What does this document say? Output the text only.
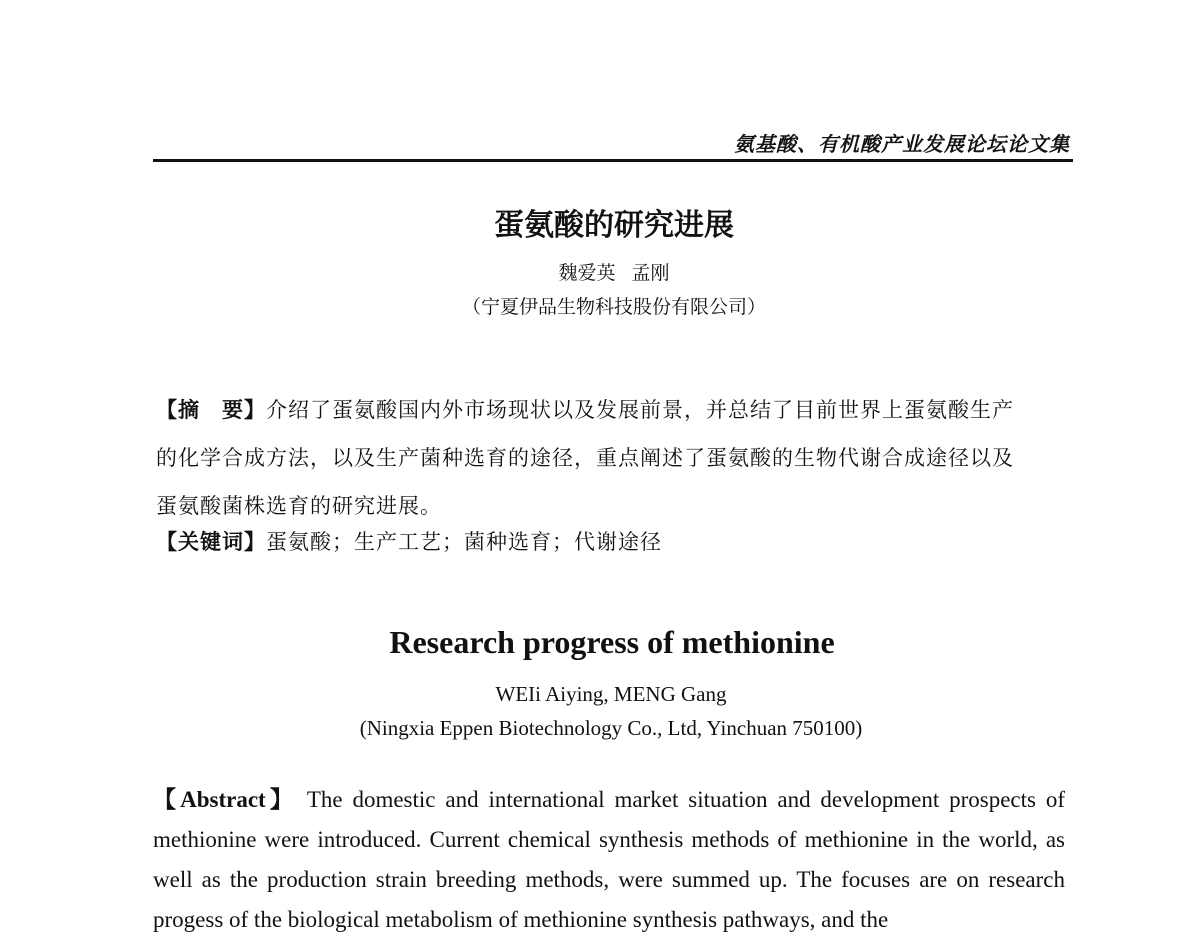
氨基酸、有机酸产业发展论坛论文集
蛋氨酸的研究进展
魏爱英 孟刚
（宁夏伊品生物科技股份有限公司）
【摘　要】介绍了蛋氨酸国内外市场现状以及发展前景，并总结了目前世界上蛋氨酸生产的化学合成方法，以及生产菌种选育的途径，重点阐述了蛋氨酸的生物代谢合成途径以及蛋氨酸菌株选育的研究进展。
【关键词】蛋氨酸；生产工艺；菌种选育；代谢途径
Research progress of methionine
WEIi Aiying, MENG Gang
(Ningxia Eppen Biotechnology Co., Ltd, Yinchuan 750100)
【Abstract】 The domestic and international market situation and development prospects of methionine were introduced. Current chemical synthesis methods of methionine in the world, as well as the production strain breeding methods, were summed up. The focuses are on research progess of the biological metabolism of methionine synthesis pathways, and the
